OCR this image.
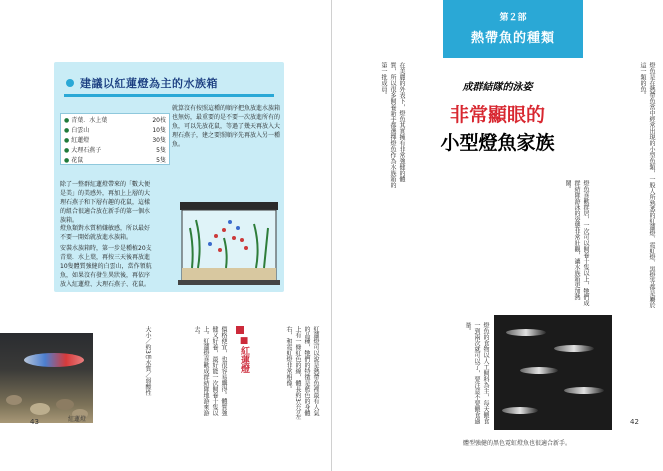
建議以紅蓮燈為主的水族箱
● 青葉．水上葉	20枝
● 白雲山	10隻
● 紅蓮燈	30隻
● 大理石燕子	5隻
● 花鼠	5隻
就算沒有按照這種的順序把魚放進水族箱也無妨，最重要的是不要一次放進所有的魚，可以先放花鼠，等過了幾天再放入大理石燕子，建之要照順序先再放入另一種魚。
除了一整群紅蓮燈帶來的「數大便是美」的美感外，再加上上層的大理石燕子和下層有趣的花鼠，這樣的組合很適合放在新手的第一個水族箱。
燈魚類對水質稍嫌敏感，所以最好不要一開始就放進水族箱。
安裝水族箱時，第一步是種植20支青葉．水上葉，再按三天後再放進10隻體質強健的白雲山，當作領航魚，如果沒有發生異狀後，再依序放入紅蓮燈、大理石燕子、花鼠。
紅蓮燈
43
■紅蓮燈	紅蓮燈可以說是熱帶魚裡最有人氣的品種，牠們的特徵是藍色的身體上有一條紅色的線，體長約3公分左右，和霓虹燈非常相像。
價格便宜，也很容易購得。體質強健又好養，最好能一次飼養十隻以上。紅蓮燈喜歡成群結隊地游來游去。
大小／約3㎝水質／弱酸性
第２部
熱帶魚的種類
成群結隊的泳姿
非常顯眼的
小型燈魚家族	燈魚是在熱帶魚當中經常出現的小型魚類，一般人所熟悉的紅蓮燈、霓虹燈、黑燈等都是屬於這一類的魚。
在美麗的外表下，燈魚其實擁有非常強健的體質，所以很多飼養新手都選擇燈魚作為水族箱的第一批成員。
燈魚喜歡群居，一次可以飼養十隻以上，牠們成群結隊游泳的姿態非常壯觀，讓水族箱更加熱鬧。
燈魚的食物以人工飼料為主，每天餵食一到兩次就可以了，要注意不要餵食過量。
體型強健的黑色霓虹燈魚也很適合新手。
42
